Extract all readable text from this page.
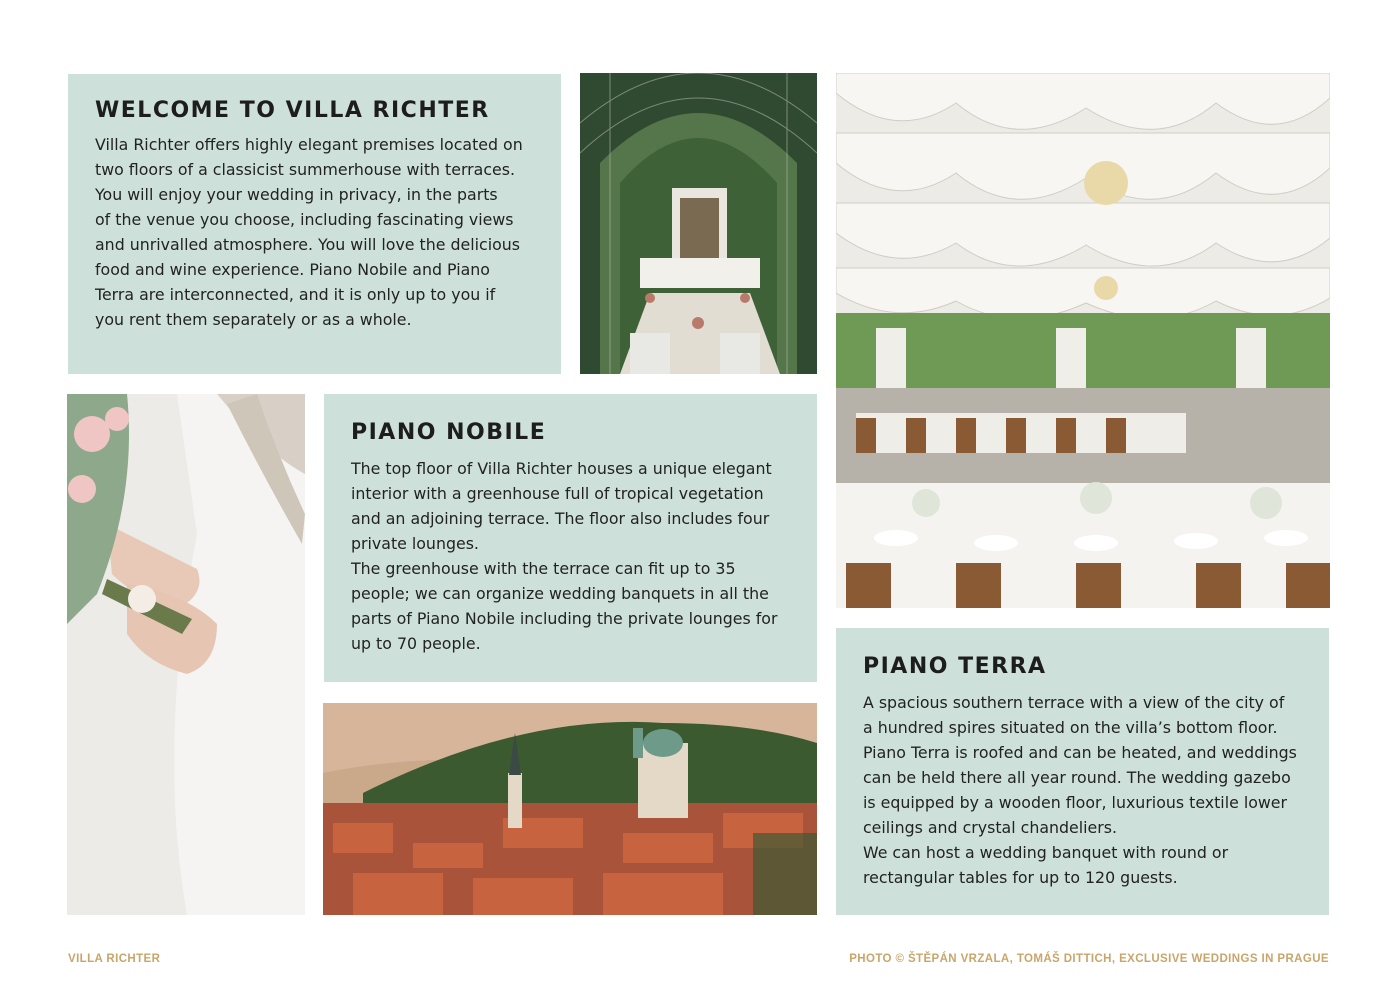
WELCOME TO VILLA RICHTER

Villa Richter offers highly elegant premises located on
two floors of a classicist summerhouse with terraces.
You will enjoy your wedding in privacy, in the parts
of the venue you choose, including fascinating views
and unrivalled atmosphere. You will love the delicious
food and wine experience. Piano Nobile and Piano
Terra are interconnected, and it is only up to you if
you rent them separately or as a whole.

PIANO NOBILE

The top floor of Villa Richter houses a unique elegant
interior with a greenhouse full of tropical vegetation
and an adjoining terrace. The floor also includes four
private lounges.
The greenhouse with the terrace can fit up to 35
people; we can organize wedding banquets in all the
parts of Piano Nobile including the private lounges for
up to 70 people.

PIANO TERRA

A spacious southern terrace with a view of the city of
a hundred spires situated on the villa’s bottom floor.
Piano Terra is roofed and can be heated, and weddings
can be held there all year round. The wedding gazebo
is equipped by a wooden floor, luxurious textile lower
ceilings and crystal chandeliers.
We can host a wedding banquet with round or
rectangular tables for up to 120 guests.

VILLA RICHTER	PHOTO © ŠTĚPÁN VRZALA, TOMÁŠ DITTICH, EXCLUSIVE WEDDINGS IN PRAGUE
